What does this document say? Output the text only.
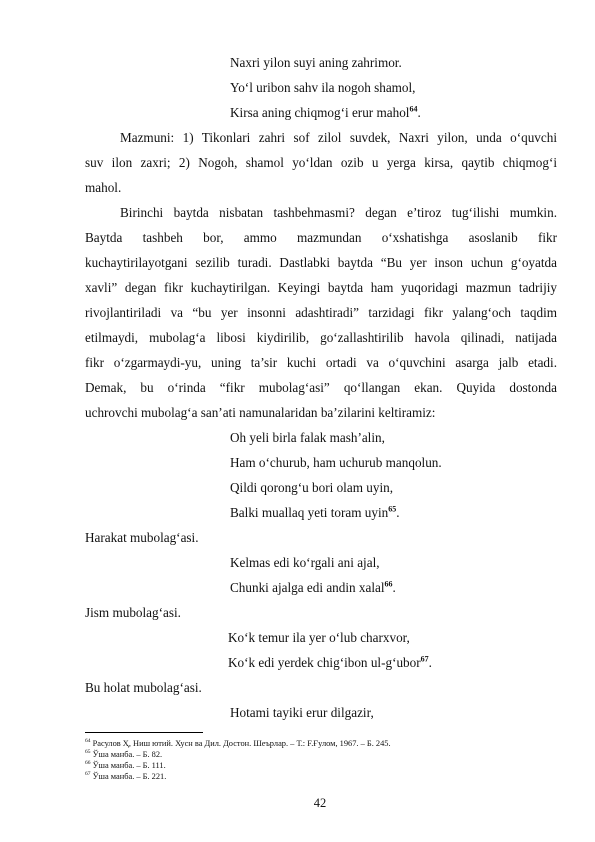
Naxri yilon suyi aning zahrimor.
Yo‘l uribon sahv ila nogoh shamol,
Kirsa aning chiqmog‘i erur mahol$^{64}$.
Mazmuni: 1) Tikonlari zahri sof zilol suvdek, Naxri yilon, unda o‘quvchi
suv ilon zaxri; 2) Nogoh, shamol yo‘ldan ozib u yerga kirsa, qaytib chiqmog‘i
mahol.
Birinchi baytda nisbatan tashbehmasmi? degan e’tiroz tug‘ilishi mumkin.
Baytda tashbeh bor, ammo mazmundan o‘xshatishga asoslanib fikr
kuchaytirilayotgani sezilib turadi. Dastlabki baytda “Bu yer inson uchun g‘oyatda
xavli” degan fikr kuchaytirilgan. Keyingi baytda ham yuqoridagi mazmun tadrijiy
rivojlantiriladi va “bu yer insonni adashtiradi” tarzidagi fikr yalang‘och taqdim
etilmaydi, mubolag‘a libosi kiydirilib, go‘zallashtirilib havola qilinadi, natijada
fikr o‘zgarmaydi-yu, uning ta’sir kuchi ortadi va o‘quvchini asarga jalb etadi.
Demak, bu o‘rinda “fikr mubolag‘asi” qo‘llangan ekan. Quyida dostonda
uchrovchi mubolag‘a san’ati namunalaridan ba’zilarini keltiramiz:
Oh yeli birla falak mash’alin,
Ham o‘churub, ham uchurub manqolun.
Qildi qorong‘u bori olam uyin,
Balki muallaq yeti toram uyin$^{65}$.
Harakat mubolag‘asi.
Kelmas edi ko‘rgali ani ajal,
Chunki ajalga edi andin xalal$^{66}$.
Jism mubolag‘asi.
Ko‘k temur ila yer o‘lub charxvor,
Ko‘k edi yerdek chig‘ibon ul-g‘ubor$^{67}$.
Bu holat mubolag‘asi.
Hotami tayiki erur dilgazir,
$^{64}$ Расулов Ҳ, Ниш ютий. Хусн ва Дил. Достон. Шеърлар. – Т.: F.Ғулом, 1967. – Б. 245.
$^{65}$ Ўша манба. – Б. 82.
$^{66}$ Ўша манба. – Б. 111.
$^{67}$ Ўша манба. – Б. 221.
42
